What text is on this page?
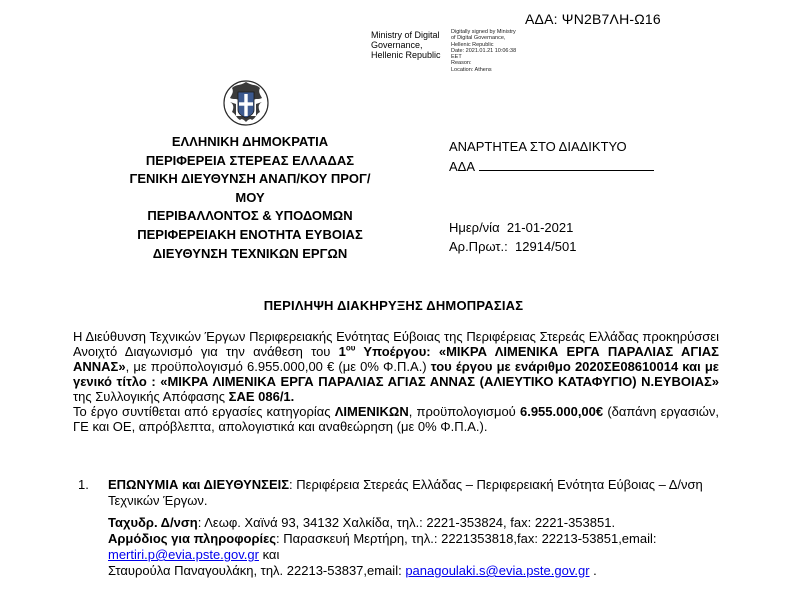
ΑΔΑ: ΨΝ2Β7ΛΗ-Ω16
Ministry of Digital
Governance,
Hellenic Republic
Digitally signed by Ministry
of Digital Governance,
Hellenic Republic
Date: 2021.01.21 10:06:38
EET
Reason:
Location: Athens
ΕΛΛΗΝΙΚΗ ΔΗΜΟΚΡΑΤΙΑ
ΠΕΡΙΦΕΡΕΙΑ ΣΤΕΡΕΑΣ ΕΛΛΑΔΑΣ
ΓΕΝΙΚΗ ΔΙΕΥΘΥΝΣΗ ΑΝΑΠ/ΚΟΥ ΠΡΟΓ/ΜΟΥ
ΠΕΡΙΒΑΛΛΟΝΤΟΣ & ΥΠΟΔΟΜΩΝ
ΠΕΡΙΦΕΡΕΙΑΚΗ ΕΝΟΤΗΤΑ ΕΥΒΟΙΑΣ
ΔΙΕΥΘΥΝΣΗ ΤΕΧΝΙΚΩΝ ΕΡΓΩΝ
ΑΝΑΡΤΗΤΕΑ ΣΤΟ ΔΙΑΔΙΚΤΥΟ
ΑΔΑ
Ημερ/νία 21-01-2021
Αρ.Πρωτ.: 12914/501
ΠΕΡΙΛΗΨΗ ΔΙΑΚΗΡΥΞΗΣ ΔΗΜΟΠΡΑΣΙΑΣ
Η Διεύθυνση Τεχνικών Έργων Περιφερειακής Ενότητας Εύβοιας της Περιφέρειας Στερεάς Ελλάδας προκηρύσσει Ανοιχτό Διαγωνισμό για την ανάθεση του $1^{o\upsilon}$ Υποέργου: «ΜΙΚΡΑ ΛΙΜΕΝΙΚΑ ΕΡΓΑ ΠΑΡΑΛΙΑΣ ΑΓΙΑΣ ΑΝΝΑΣ», με προϋπολογισμό 6.955.000,00 € (με 0% Φ.Π.Α.) του έργου με ενάριθμο 2020ΣΕ08610014 και με γενικό τίτλο : «ΜΙΚΡΑ ΛΙΜΕΝΙΚΑ ΕΡΓΑ ΠΑΡΑΛΙΑΣ ΑΓΙΑΣ ΑΝΝΑΣ (ΑΛΙΕΥΤΙΚΟ ΚΑΤΑΦΥΓΙΟ) Ν.ΕΥΒΟΙΑΣ» της Συλλογικής Απόφασης ΣΑΕ 086/1.
Το έργο συντίθεται από εργασίες κατηγορίας ΛΙΜΕΝΙΚΩΝ, προϋπολογισμού 6.955.000,00€ (δαπάνη εργασιών, ΓΕ και ΟΕ, απρόβλεπτα, απολογιστικά και αναθεώρηση (με 0% Φ.Π.Α.).
1. ΕΠΩΝΥΜΙΑ και ΔΙΕΥΘΥΝΣΕΙΣ: Περιφέρεια Στερεάς Ελλάδας – Περιφερειακή Ενότητα Εύβοιας – Δ/νση Τεχνικών Έργων.

Ταχυδρ. Δ/νση: Λεωφ. Χαϊνά 93, 34132 Χαλκίδα, τηλ.: 2221-353824, fax: 2221-353851.

Αρμόδιος για πληροφορίες: Παρασκευή Μερτήρη, τηλ.: 2221353818,fax: 22213-53851,email:

mertiri.p@evia.pste.gov.gr και

Σταυρούλα Παναγουλάκη, τηλ. 22213-53837,email: panagoulaki.s@evia.pste.gov.gr .
